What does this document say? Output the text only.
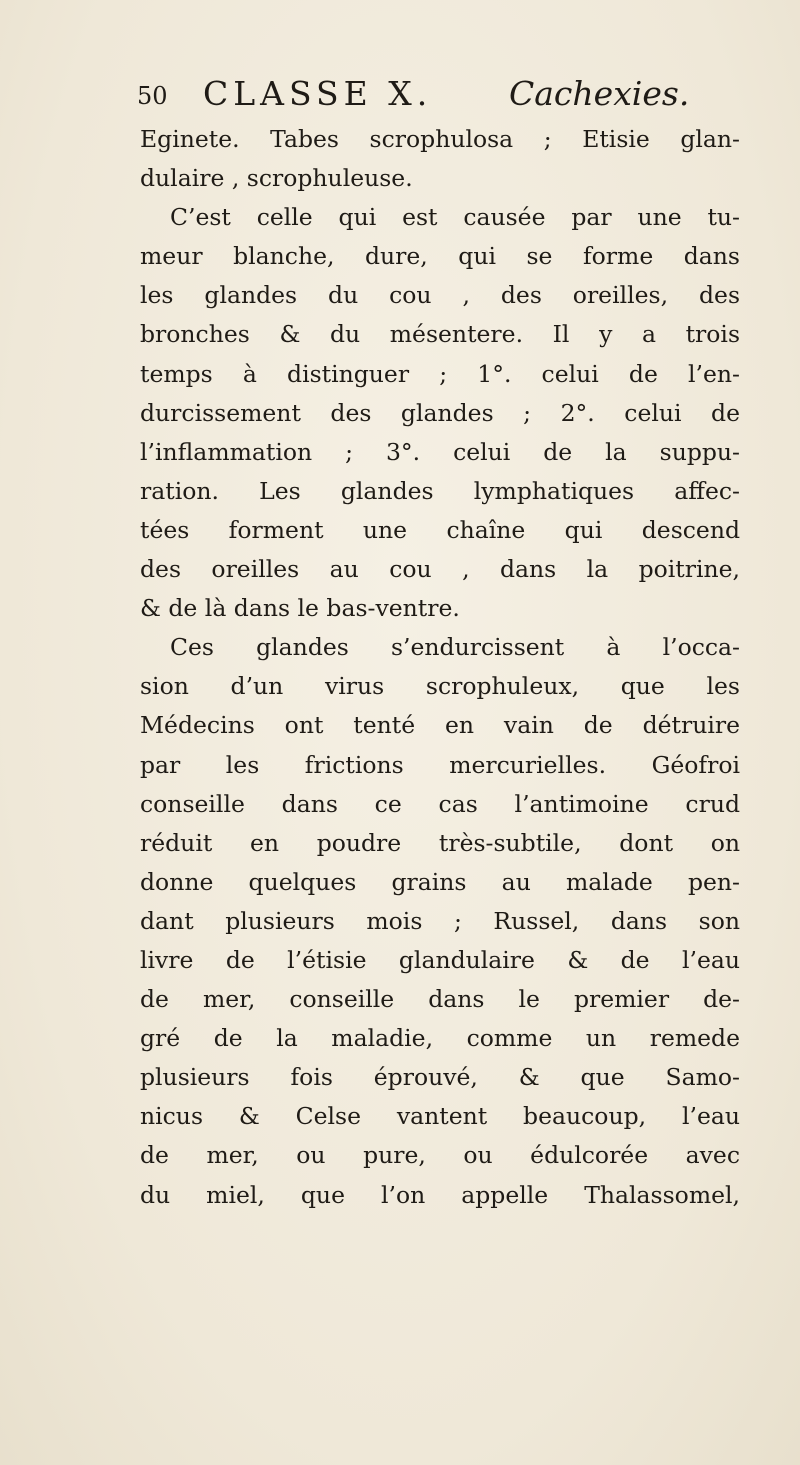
50 CLASSE X. Cachexies.
Eginete. Tabes scrophulosa ; Etisie glan-
dulaire , scrophuleuse.
C’est celle qui est causée par une tu-
meur blanche, dure, qui se forme dans
les glandes du cou , des oreilles, des
bronches & du mésentere. Il y a trois
temps à distinguer ; 1°. celui de l’en-
durcissement des glandes ; 2°. celui de
l’inflammation ; 3°. celui de la suppu-
ration. Les glandes lymphatiques affec-
tées forment une chaîne qui descend
des oreilles au cou , dans la poitrine,
& de là dans le bas-ventre.
Ces glandes s’endurcissent à l’occa-
sion d’un virus scrophuleux, que les
Médecins ont tenté en vain de détruire
par les frictions mercurielles. Géofroi
conseille dans ce cas l’antimoine crud
réduit en poudre très-subtile, dont on
donne quelques grains au malade pen-
dant plusieurs mois ; Russel, dans son
livre de l’étisie glandulaire & de l’eau
de mer, conseille dans le premier de-
gré de la maladie, comme un remede
plusieurs fois éprouvé, & que Samo-
nicus & Celse vantent beaucoup, l’eau
de mer, ou pure, ou édulcorée avec
du miel, que l’on appelle Thalassomel,
